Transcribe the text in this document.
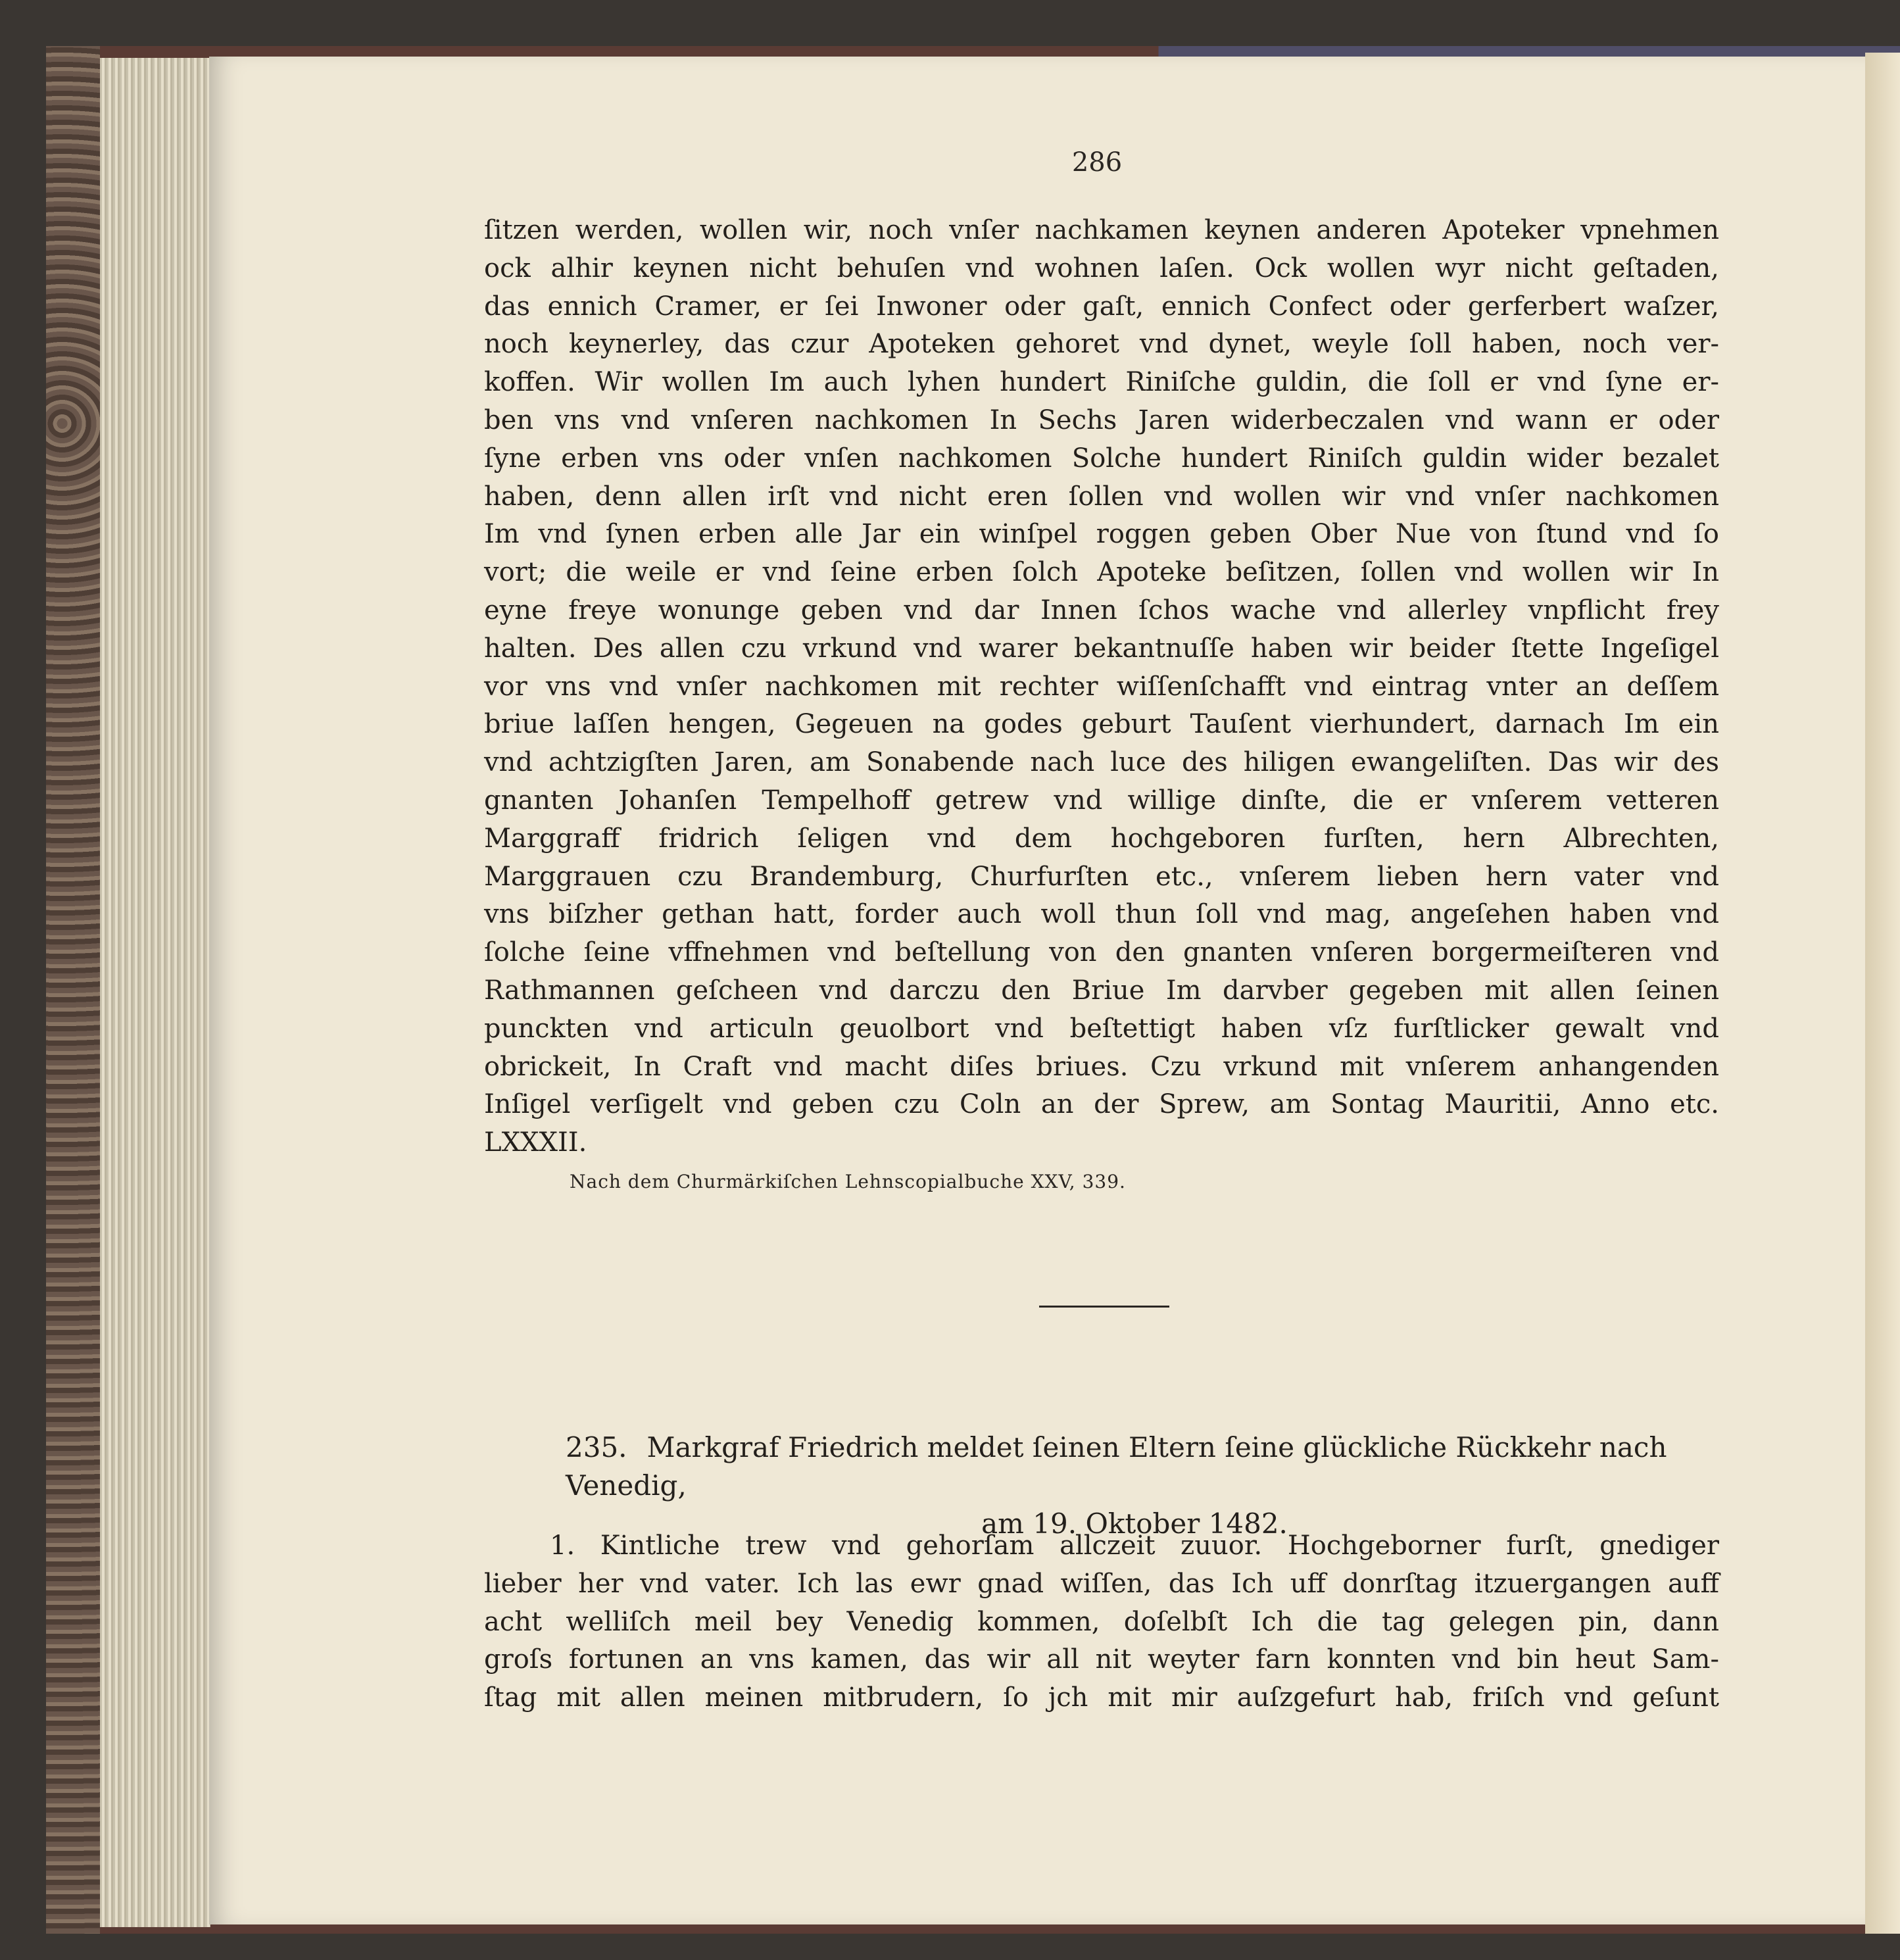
286
ſitzen werden, wollen wir, noch vnſer nachkamen keynen anderen Apoteker vpnehmen
ock alhir keynen nicht behuſen vnd wohnen laſen. Ock wollen wyr nicht geſtaden,
das ennich Cramer, er ſei Inwoner oder gaſt, ennich Confect oder gerferbert waſzer,
noch keynerley, das czur Apoteken gehoret vnd dynet, weyle ſoll haben, noch ver-
koffen. Wir wollen Im auch lyhen hundert Riniſche guldin, die ſoll er vnd ſyne er-
ben vns vnd vnſeren nachkomen In Sechs Jaren widerbeczalen vnd wann er oder
ſyne erben vns oder vnſen nachkomen Solche hundert Riniſch guldin wider bezalet
haben, denn allen irſt vnd nicht eren ſollen vnd wollen wir vnd vnſer nachkomen
Im vnd ſynen erben alle Jar ein winſpel roggen geben Ober Nue von ſtund vnd ſo
vort; die weile er vnd ſeine erben ſolch Apoteke beſitzen, ſollen vnd wollen wir In
eyne freye wonunge geben vnd dar Innen ſchos wache vnd allerley vnpflicht frey
halten. Des allen czu vrkund vnd warer bekantnuſſe haben wir beider ſtette Ingeſigel
vor vns vnd vnſer nachkomen mit rechter wiſſenſchafft vnd eintrag vnter an deſſem
briue laſſen hengen, Gegeuen na godes geburt Tauſent vierhundert, darnach Im ein
vnd achtzigſten Jaren, am Sonabende nach luce des hiligen ewangeliſten. Das wir des
gnanten Johanſen Tempelhoff getrew vnd willige dinſte, die er vnſerem vetteren
Marggraff fridrich ſeligen vnd dem hochgeboren furſten, hern Albrechten,
Marggrauen czu Brandemburg, Churfurſten etc., vnſerem lieben hern vater vnd
vns biſzher gethan hatt, forder auch woll thun ſoll vnd mag, angeſehen haben vnd
ſolche ſeine vffnehmen vnd beſtellung von den gnanten vnſeren borgermeiſteren vnd
Rathmannen geſcheen vnd darczu den Briue Im darvber gegeben mit allen ſeinen
punckten vnd articuln geuolbort vnd beſtettigt haben vſz furſtlicker gewalt vnd
obrickeit, In Craft vnd macht diſes briues. Czu vrkund mit vnſerem anhangenden
Inſigel verſigelt vnd geben czu Coln an der Sprew, am Sontag Mauritii, Anno etc.
LXXXII.
Nach dem Churmärkiſchen Lehnscopialbuche XXV, 339.
235. Markgraf Friedrich meldet ſeinen Eltern ſeine glückliche Rückkehr nach Venedig,
am 19. Oktober 1482.
1. Kintliche trew vnd gehorſam allczeit zuuor. Hochgeborner furſt, gnediger
lieber her vnd vater. Ich las ewr gnad wiſſen, das Ich uff donrſtag itzuergangen auff
acht welliſch meil bey Venedig kommen, doſelbſt Ich die tag gelegen pin, dann
groſs fortunen an vns kamen, das wir all nit weyter farn konnten vnd bin heut Sam-
ſtag mit allen meinen mitbrudern, ſo jch mit mir auſzgefurt hab, friſch vnd geſunt
